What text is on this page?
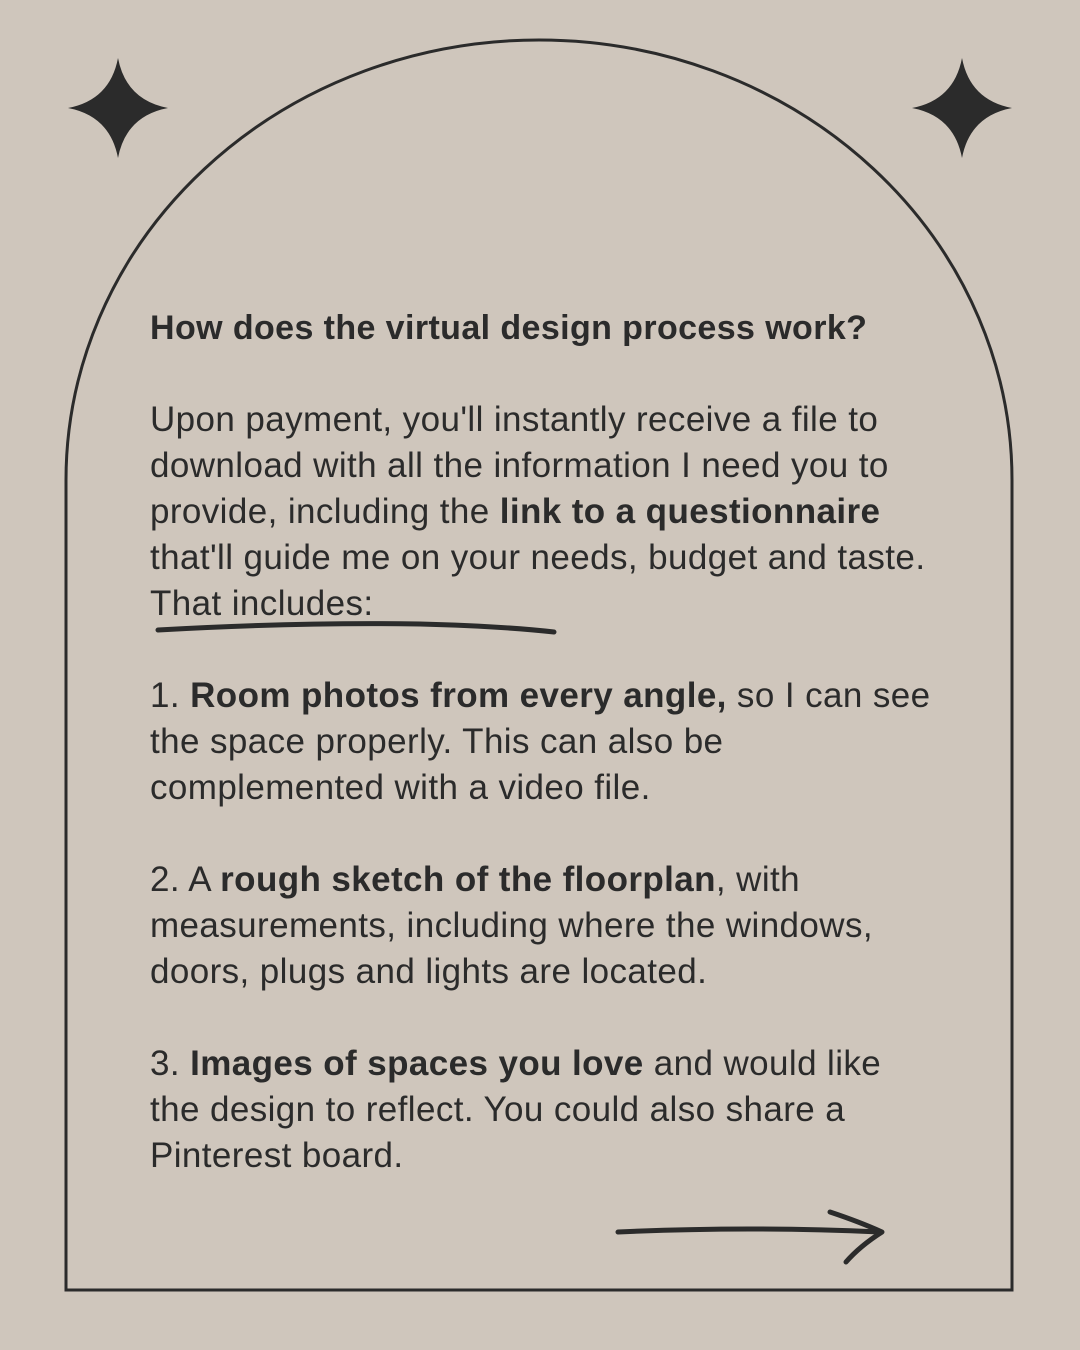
How does the virtual design process work?

Upon payment, you'll instantly receive a file to download with all the information I need you to provide, including the link to a questionnaire that'll guide me on your needs, budget and taste. That includes:

1. Room photos from every angle, so I can see the space properly. This can also be complemented with a video file.

2. A rough sketch of the floorplan, with measurements, including where the windows, doors, plugs and lights are located.

3. Images of spaces you love and would like the design to reflect. You could also share a Pinterest board.
